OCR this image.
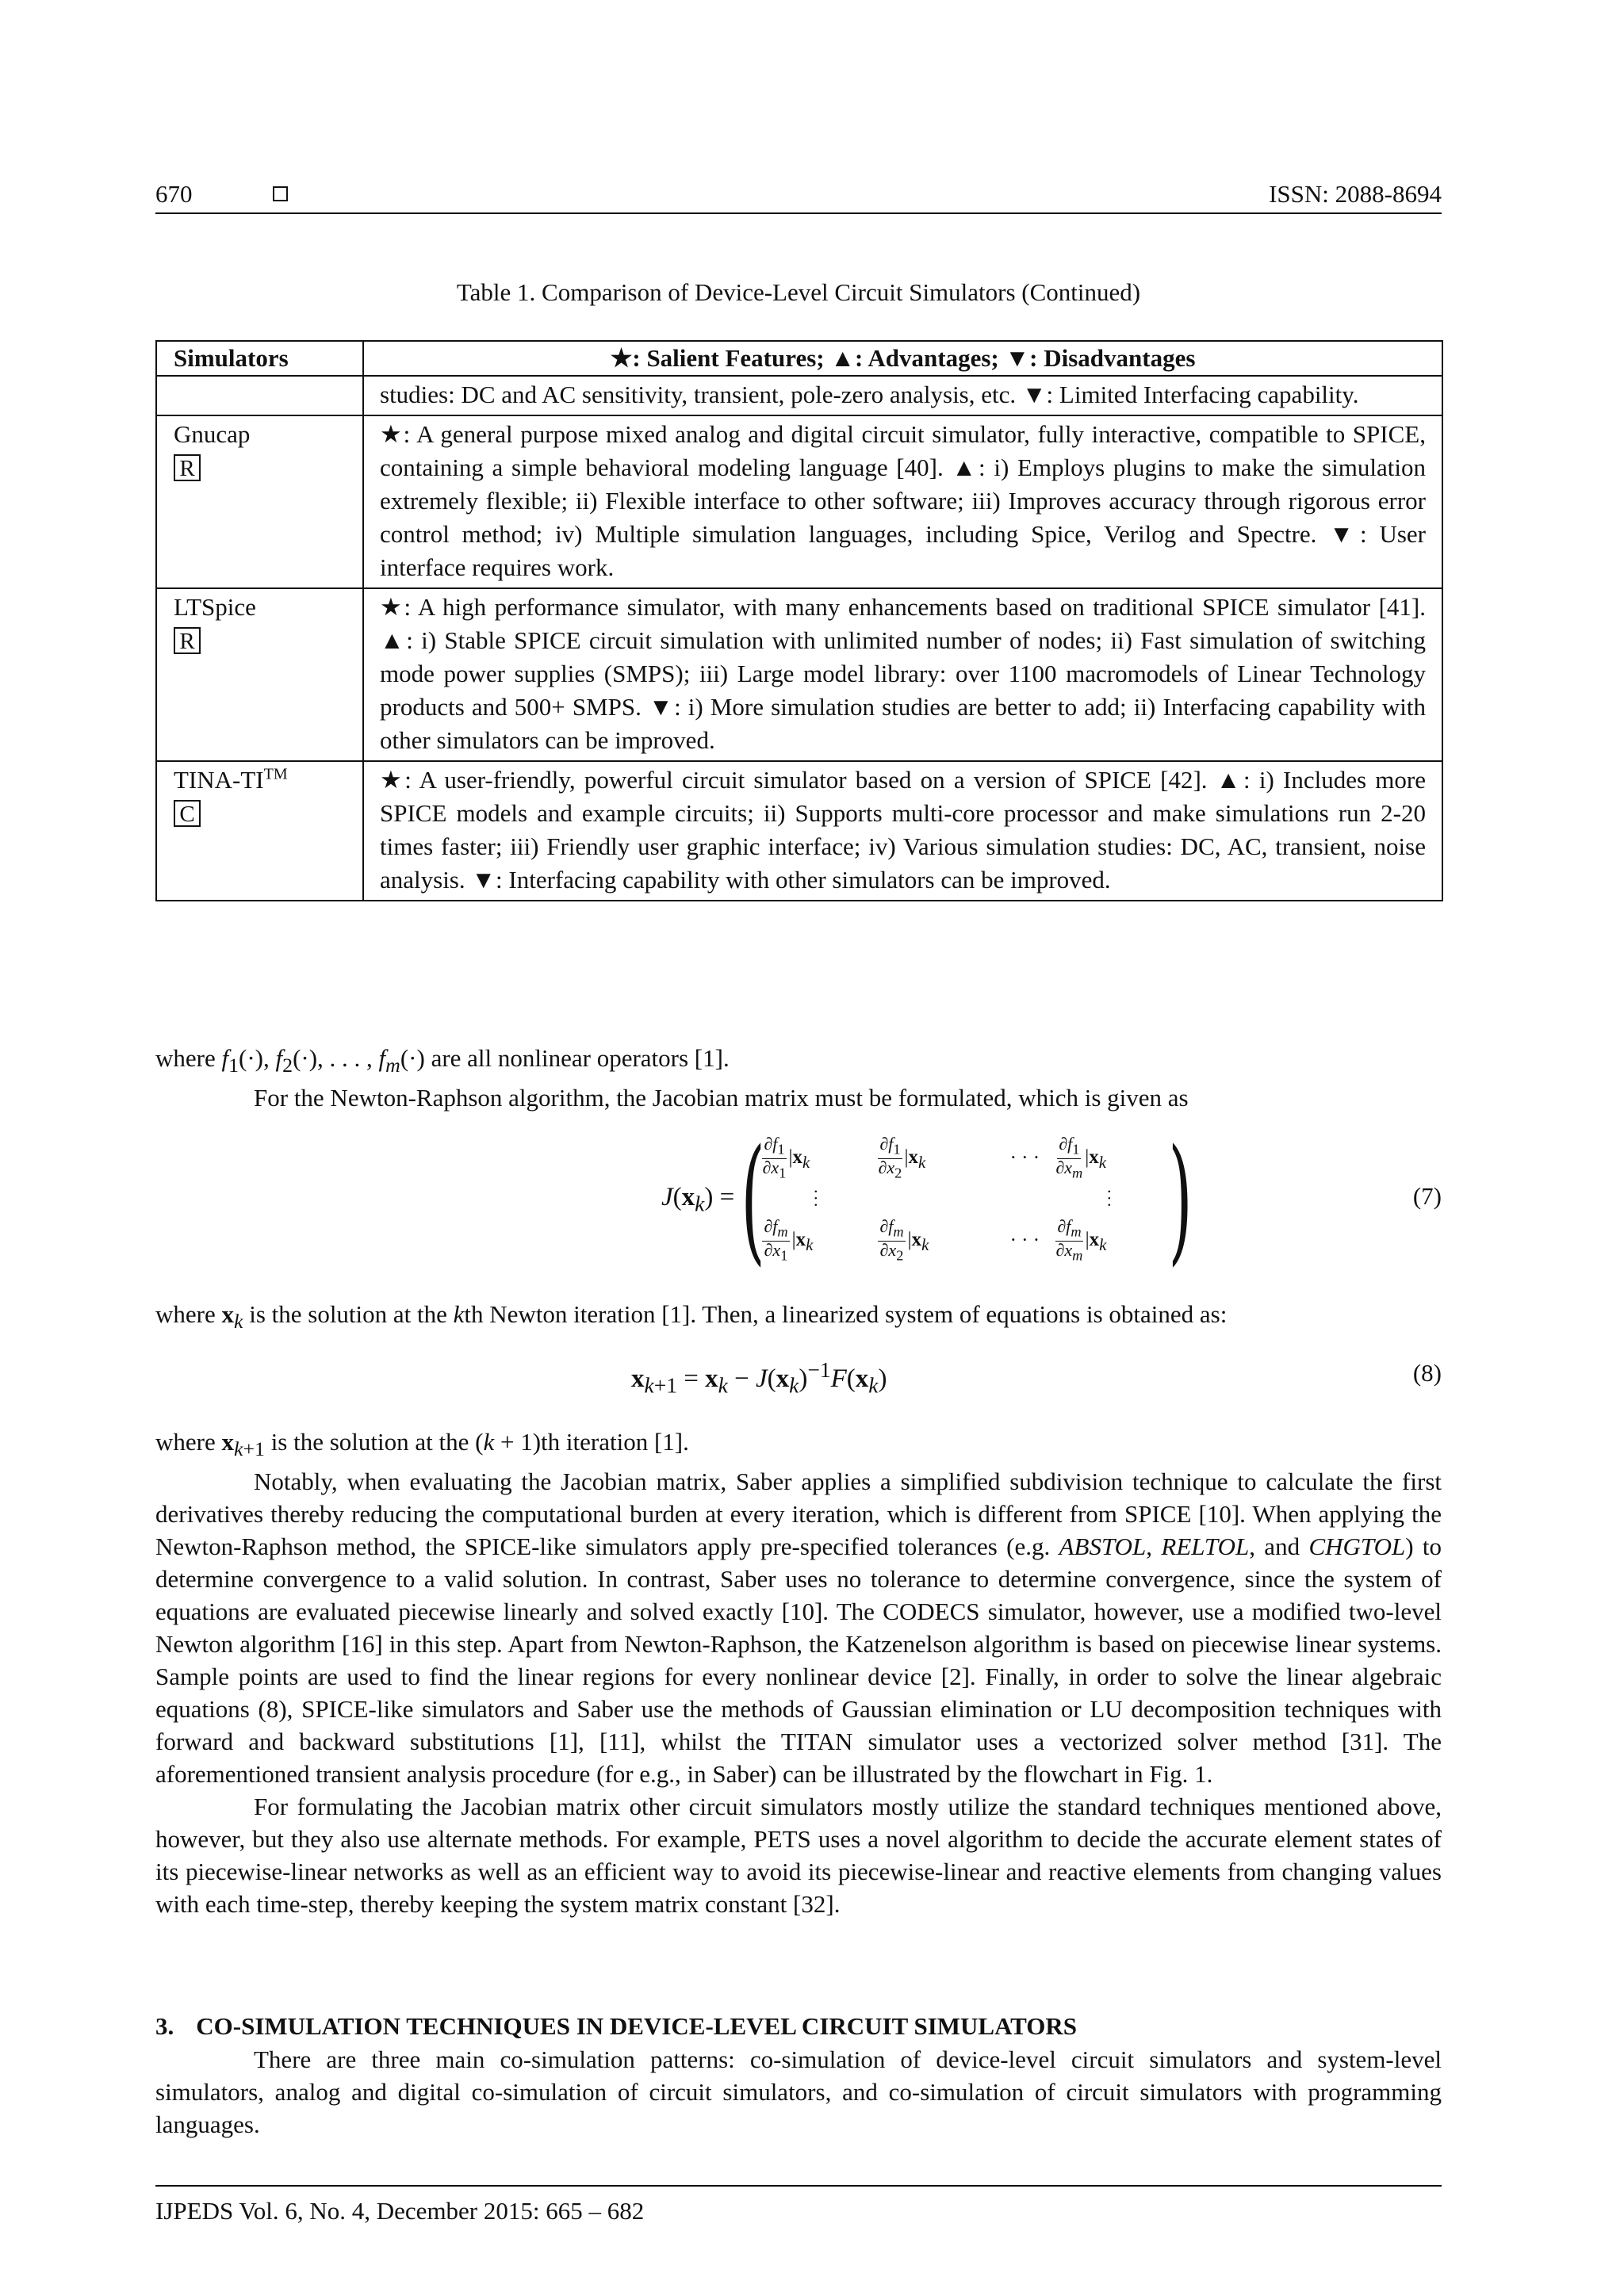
670	ISSN: 2088-8694
Table 1. Comparison of Device-Level Circuit Simulators (Continued)
Simulators	★: Salient Features; ▲: Advantages; ▼: Disadvantages

	studies: DC and AC sensitivity, transient, pole-zero analysis, etc. ▼: Limited Interfacing capability.

Gnucap
R	★: A general purpose mixed analog and digital circuit simulator, fully interactive, compatible to SPICE, containing a simple behavioral modeling language [40]. ▲: i) Employs plugins to make the simulation extremely flexible; ii) Flexible interface to other software; iii) Improves accuracy through rigorous error control method; iv) Multiple simulation languages, including Spice, Verilog and Spectre. ▼: User interface requires work.

LTSpice
R	★: A high performance simulator, with many enhancements based on traditional SPICE simulator [41]. ▲: i) Stable SPICE circuit simulation with unlimited number of nodes; ii) Fast simulation of switching mode power supplies (SMPS); iii) Large model library: over 1100 macromodels of Linear Technology products and 500+ SMPS. ▼: i) More simulation studies are better to add; ii) Interfacing capability with other simulators can be improved.

TINA-TI™
C	★: A user-friendly, powerful circuit simulator based on a version of SPICE [42]. ▲: i) Includes more SPICE models and example circuits; ii) Supports multi-core processor and make simulations run 2-20 times faster; iii) Friendly user graphic interface; iv) Various simulation studies: DC, AC, transient, noise analysis. ▼: Interfacing capability with other simulators can be improved.

where $f_1(\cdot)$, $f_2(\cdot)$, . . . , $f_m(\cdot)$ are all nonlinear operators [1].

For the Newton-Raphson algorithm, the Jacobian matrix must be formulated, which is given as

$J(x_k)$ = (
$\frac{\partial f_1}{\partial x_1} |x_k$	$\frac{\partial f_1}{\partial x_2} |x_k$	· · · $\frac{\partial f_1}{\partial x_m} |x_k$
...	...
$\frac{\partial f_m}{\partial x_1} |x_k$	$\frac{\partial f_m}{\partial x_2} |x_k$	· · · $\frac{\partial f_m}{\partial x_m} |x_k$ )	(7)

where $x_k$ is the solution at the kth Newton iteration [1]. Then, a linearized system of equations is obtained as:

$x_{k+1} = x_k - J(x_k)^{-1}F(x_k)$	(8)

where $x_{k+1}$ is the solution at the (k + 1)th iteration [1].

Notably, when evaluating the Jacobian matrix, Saber applies a simplified subdivision technique to calculate the first derivatives thereby reducing the computational burden at every iteration, which is different from SPICE [10]. When applying the Newton-Raphson method, the SPICE-like simulators apply pre-specified tolerances (e.g. ABSTOL, RELTOL, and CHGTOL) to determine convergence to a valid solution. In contrast, Saber uses no tolerance to determine convergence, since the system of equations are evaluated piecewise linearly and solved exactly [10]. The CODECS simulator, however, use a modified two-level Newton algorithm [16] in this step. Apart from Newton-Raphson, the Katzenelson algorithm is based on piecewise linear systems. Sample points are used to find the linear regions for every nonlinear device [2]. Finally, in order to solve the linear algebraic equations (8), SPICE-like simulators and Saber use the methods of Gaussian elimination or LU decomposition techniques with forward and backward substitutions [1], [11], whilst the TITAN simulator uses a vectorized solver method [31]. The aforementioned transient analysis procedure (for e.g., in Saber) can be illustrated by the flowchart in Fig. 1.

For formulating the Jacobian matrix other circuit simulators mostly utilize the standard techniques mentioned above, however, but they also use alternate methods. For example, PETS uses a novel algorithm to decide the accurate element states of its piecewise-linear networks as well as an efficient way to avoid its piecewise-linear and reactive elements from changing values with each time-step, thereby keeping the system matrix constant [32].

3. CO-SIMULATION TECHNIQUES IN DEVICE-LEVEL CIRCUIT SIMULATORS

There are three main co-simulation patterns: co-simulation of device-level circuit simulators and system-level simulators, analog and digital co-simulation of circuit simulators, and co-simulation of circuit simulators with programming languages.

IJPEDS Vol. 6, No. 4, December 2015: 665 – 682
